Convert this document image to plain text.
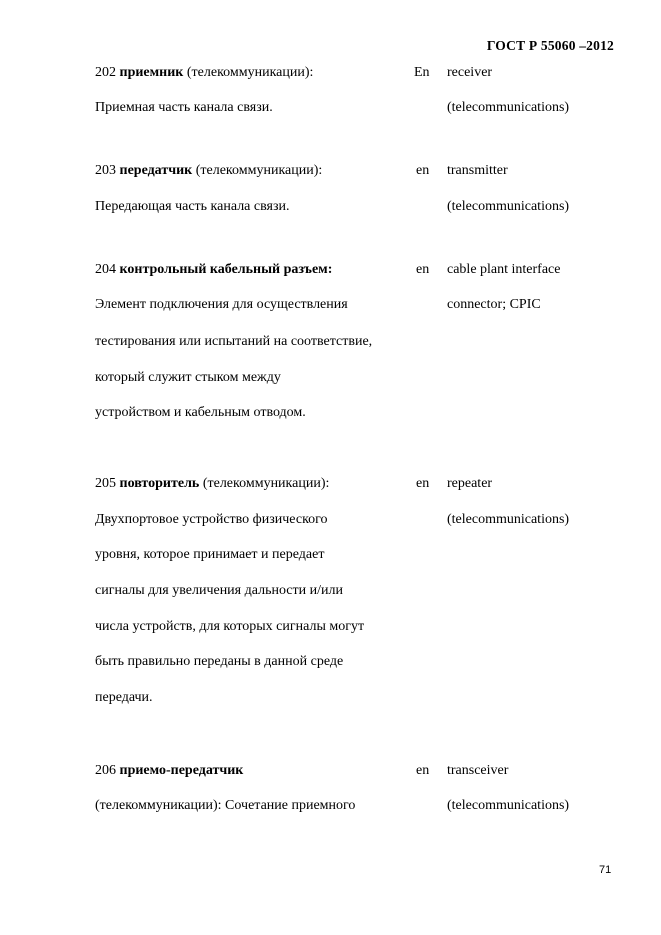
ГОСТ Р 55060 –2012
202 приемник (телекоммуникации):	En receiver
Приемная часть канала связи.	(telecommunications)
203 передатчик (телекоммуникации):	en transmitter
Передающая часть канала связи.	(telecommunications)
204 контрольный кабельный разъем:	en cable plant interface
Элемент подключения для осуществления	connector; CPIC
тестирования или испытаний на соответствие,
который служит стыком между
устройством и кабельным отводом.
205 повторитель (телекоммуникации):	en repeater
Двухпортовое устройство физического	(telecommunications)
уровня, которое принимает и передает
сигналы для увеличения дальности и/или
числа устройств, для которых сигналы могут
быть правильно переданы в данной среде
передачи.
206 приемо-передатчик	en transceiver
(телекоммуникации): Сочетание приемного	(telecommunications)
71
